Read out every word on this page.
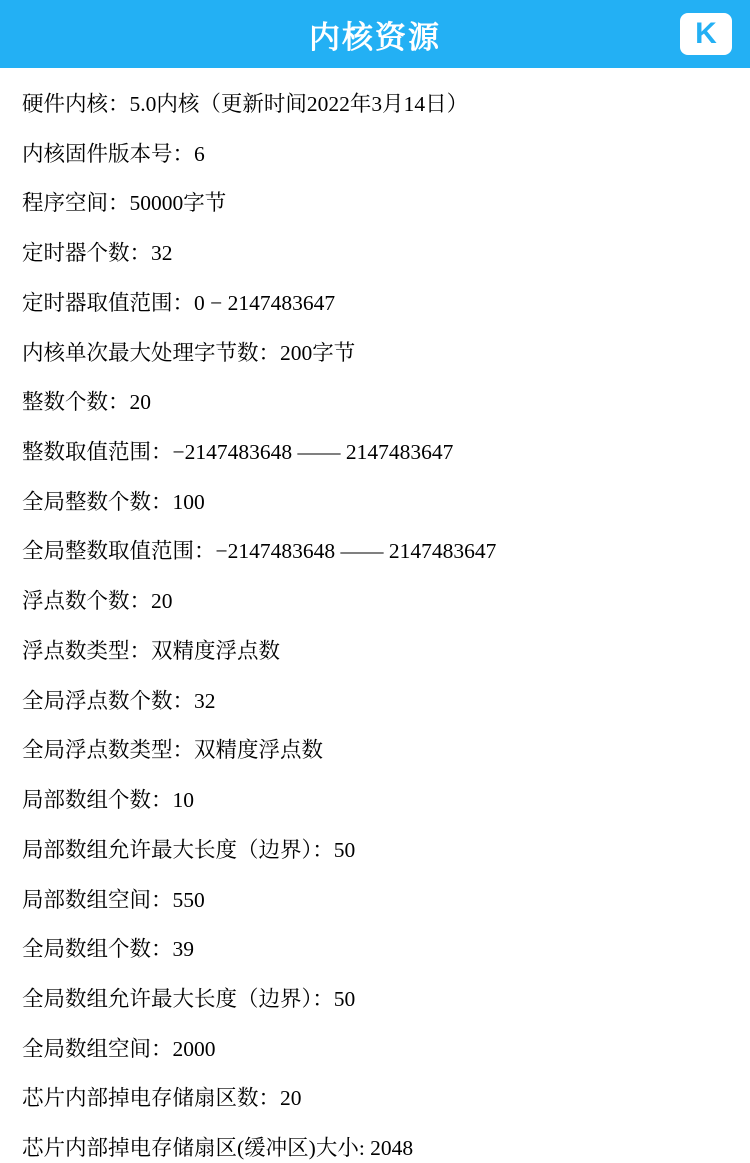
内核资源	K
硬件内核：5.0内核（更新时间2022年3月14日）
内核固件版本号：6
程序空间：50000字节
定时器个数：32
定时器取值范围：0 − 2147483647
内核单次最大处理字节数：200字节
整数个数：20
整数取值范围：−2147483648 —— 2147483647
全局整数个数：100
全局整数取值范围：−2147483648 —— 2147483647
浮点数个数：20
浮点数类型：双精度浮点数
全局浮点数个数：32
全局浮点数类型：双精度浮点数
局部数组个数：10
局部数组允许最大长度（边界）：50
局部数组空间：550
全局数组个数：39
全局数组允许最大长度（边界）：50
全局数组空间：2000
芯片内部掉电存储扇区数：20
芯片内部掉电存储扇区(缓冲区)大小: 2048
